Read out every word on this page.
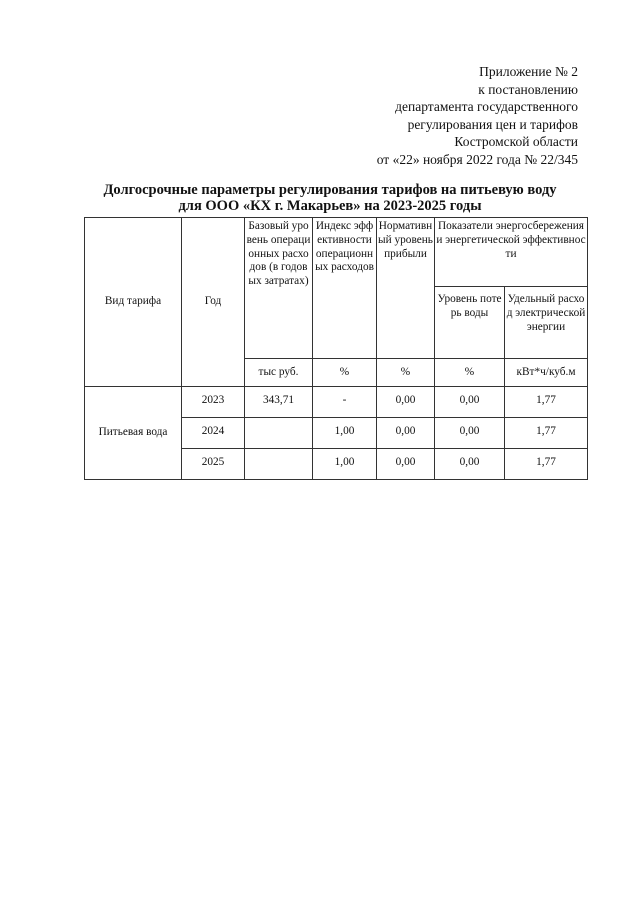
Приложение № 2
к постановлению
департамента государственного
регулирования цен и тарифов
Костромской области
от «22» ноября 2022 года № 22/345
Долгосрочные параметры регулирования тарифов на питьевую воду
для ООО «КХ г. Макарьев» на 2023-2025 годы
Вид тарифа	Год	Базовый уровень операционных расходов (в годовых затратах)	Индекс эффективности операционных расходов	Нормативный уровень прибыли	Показатели энергосбережения и энергетической эффективности	
					Уровень потерь воды	Удельный расход электрической энергии
		тыс руб.	%	%	%	кВт*ч/куб.м
Питьевая вода	2023	343,71	-	0,00	0,00	1,77
	2024		1,00	0,00	0,00	1,77
	2025		1,00	0,00	0,00	1,77
